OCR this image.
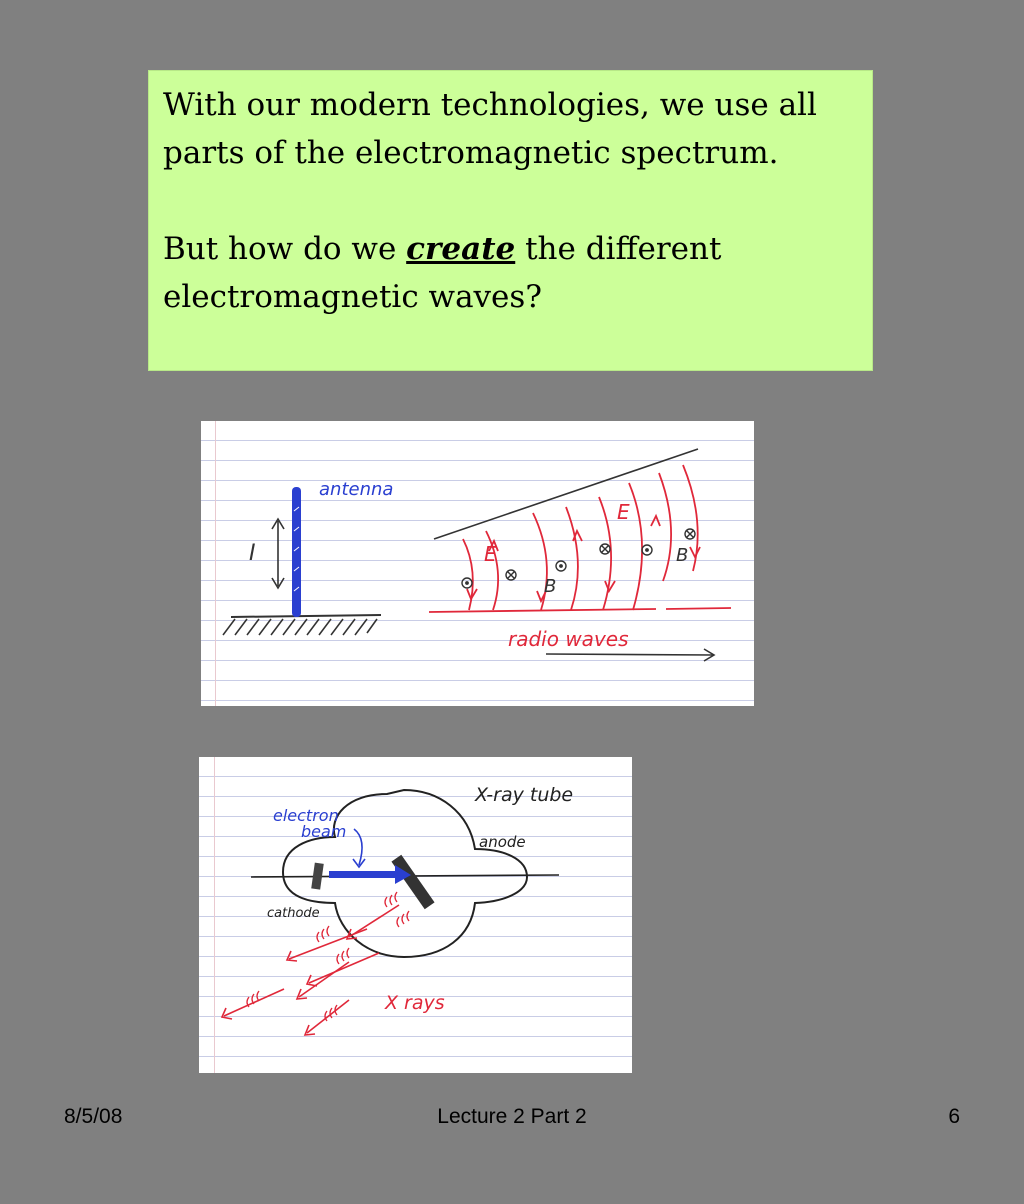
With our modern technologies, we use all parts of the electromagnetic spectrum.

But how do we create the different electromagnetic waves?

antenna
I	E
E
B
B
radio waves
X-ray tube
anode
cathode
electron
beam
X rays
8/5/08	Lecture 2 Part 2	6
